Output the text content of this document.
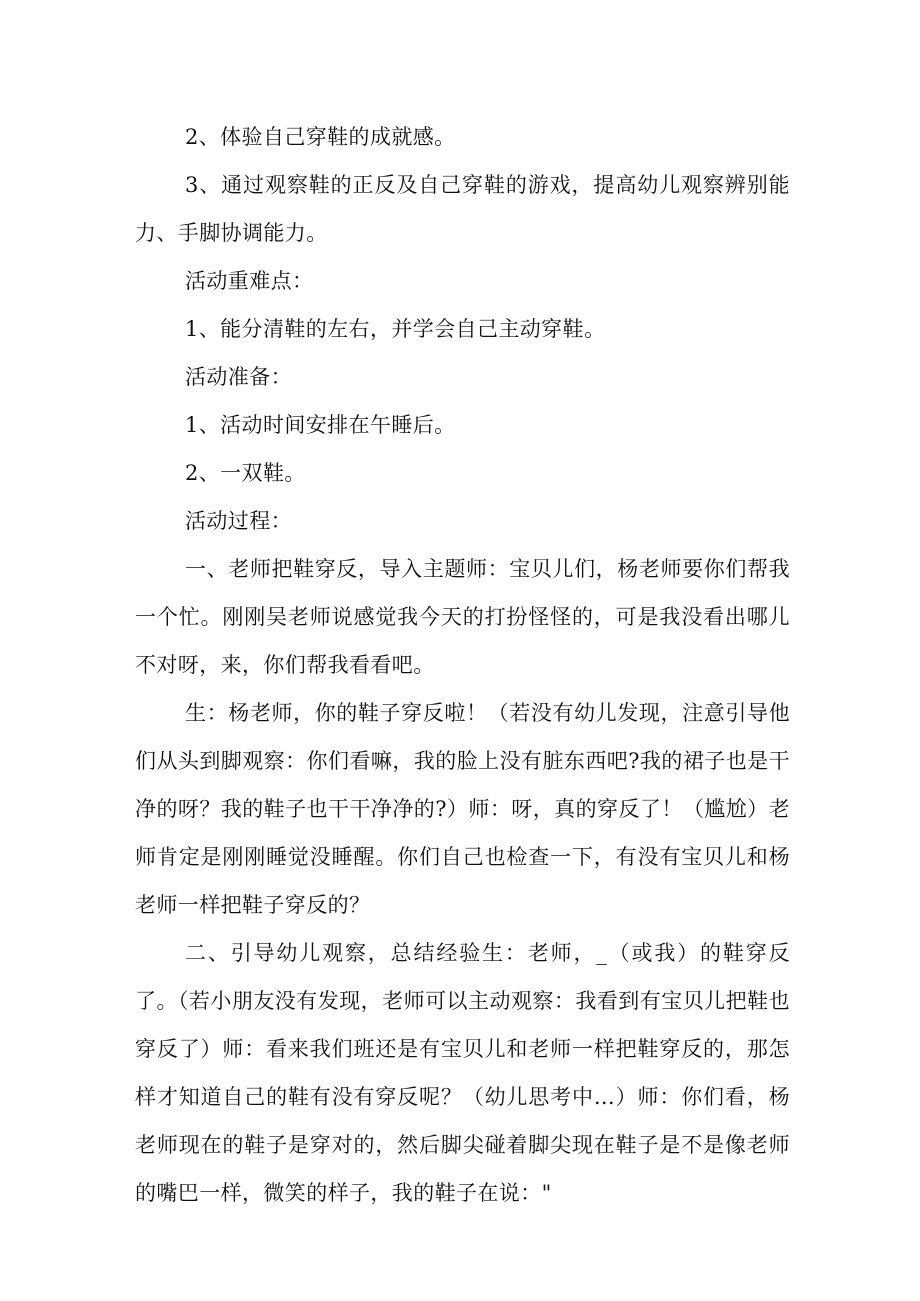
2、体验自己穿鞋的成就感。

3、通过观察鞋的正反及自己穿鞋的游戏，提高幼儿观察辨别能力、手脚协调能力。

活动重难点：

1、能分清鞋的左右，并学会自己主动穿鞋。

活动准备：

1、活动时间安排在午睡后。

2、一双鞋。

活动过程：

一、老师把鞋穿反，导入主题师：宝贝儿们，杨老师要你们帮我一个忙。刚刚吴老师说感觉我今天的打扮怪怪的，可是我没看出哪儿不对呀，来，你们帮我看看吧。

生：杨老师，你的鞋子穿反啦！（若没有幼儿发现，注意引导他们从头到脚观察：你们看嘛，我的脸上没有脏东西吧?我的裙子也是干净的呀？我的鞋子也干干净净的?）师：呀，真的穿反了！（尴尬）老师肯定是刚刚睡觉没睡醒。你们自己也检查一下，有没有宝贝儿和杨老师一样把鞋子穿反的？

二、引导幼儿观察，总结经验生：老师，_（或我）的鞋穿反了。（若小朋友没有发现，老师可以主动观察：我看到有宝贝儿把鞋也穿反了）师：看来我们班还是有宝贝儿和老师一样把鞋穿反的，那怎样才知道自己的鞋有没有穿反呢？（幼儿思考中…）师：你们看，杨老师现在的鞋子是穿对的，然后脚尖碰着脚尖现在鞋子是不是像老师的嘴巴一样，微笑的样子，我的鞋子在说："
